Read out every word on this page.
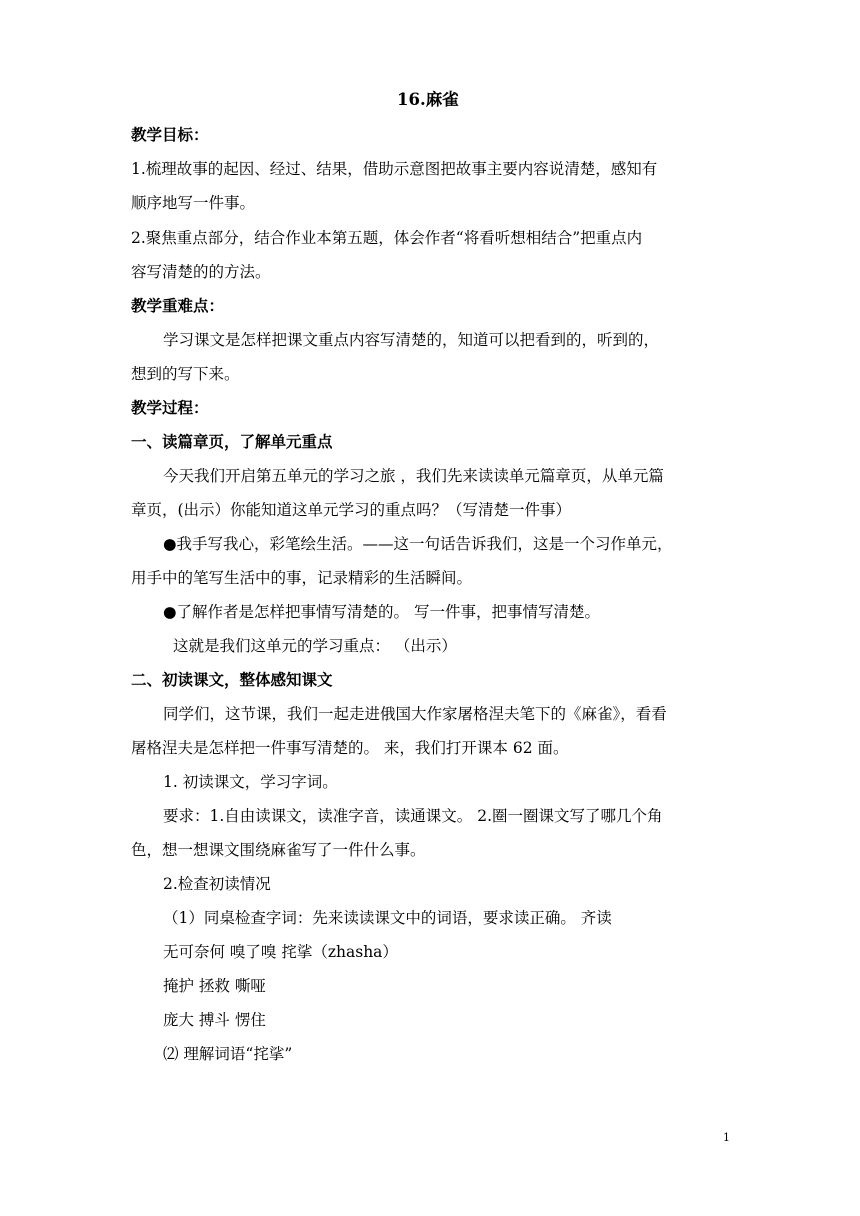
16.麻雀
教学目标：
1.梳理故事的起因、经过、结果，借助示意图把故事主要内容说清楚，感知有
顺序地写一件事。
2.聚焦重点部分，结合作业本第五题，体会作者“将看听想相结合”把重点内
容写清楚的的方法。
教学重难点：
学习课文是怎样把课文重点内容写清楚的，知道可以把看到的，听到的，
想到的写下来。
教学过程：
一、读篇章页，了解单元重点
今天我们开启第五单元的学习之旅 ，我们先来读读单元篇章页，从单元篇
章页，(出示）你能知道这单元学习的重点吗？（写清楚一件事）
●我手写我心，彩笔绘生活。——这一句话告诉我们，这是一个习作单元，
用手中的笔写生活中的事，记录精彩的生活瞬间。
●了解作者是怎样把事情写清楚的。 写一件事，把事情写清楚。
这就是我们这单元的学习重点： （出示）
二、初读课文，整体感知课文
同学们，这节课，我们一起走进俄国大作家屠格涅夫笔下的《麻雀》，看看
屠格涅夫是怎样把一件事写清楚的。 来，我们打开课本 62 面。
1. 初读课文，学习字词。
要求：1.自由读课文，读准字音，读通课文。 2.圈一圈课文写了哪几个角
色，想一想课文围绕麻雀写了一件什么事。
2.检查初读情况
（1）同桌检查字词：先来读读课文中的词语，要求读正确。 齐读
无可奈何 嗅了嗅 挓挲（zhasha）
掩护 拯救 嘶哑
庞大 搏斗 愣住
⑵ 理解词语“挓挲”
1
